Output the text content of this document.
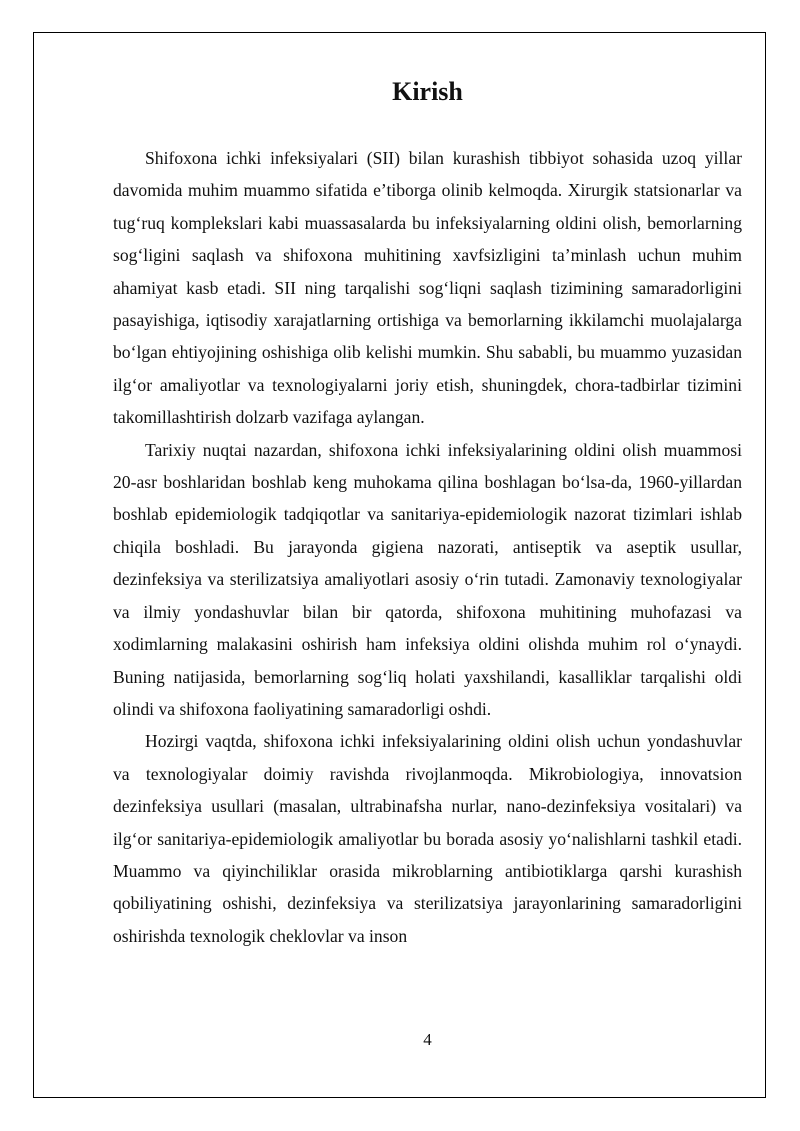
Kirish

Shifoxona ichki infeksiyalari (SII) bilan kurashish tibbiyot sohasida uzoq yillar davomida muhim muammo sifatida e’tiborga olinib kelmoqda. Xirurgik statsionarlar va tug‘ruq komplekslari kabi muassasalarda bu infeksiyalarning oldini olish, bemorlarning sog‘ligini saqlash va shifoxona muhitining xavfsizligini ta’minlash uchun muhim ahamiyat kasb etadi. SII ning tarqalishi sog‘liqni saqlash tizimining samaradorligini pasayishiga, iqtisodiy xarajatlarning ortishiga va bemorlarning ikkilamchi muolajalarga bo‘lgan ehtiyojining oshishiga olib kelishi mumkin. Shu sababli, bu muammo yuzasidan ilg‘or amaliyotlar va texnologiyalarni joriy etish, shuningdek, chora-tadbirlar tizimini takomillashtirish dolzarb vazifaga aylangan.

Tarixiy nuqtai nazardan, shifoxona ichki infeksiyalarining oldini olish muammosi 20-asr boshlaridan boshlab keng muhokama qilina boshlagan bo‘lsa-da, 1960-yillardan boshlab epidemiologik tadqiqotlar va sanitariya-epidemiologik nazorat tizimlari ishlab chiqila boshladi. Bu jarayonda gigiena nazorati, antiseptik va aseptik usullar, dezinfeksiya va sterilizatsiya amaliyotlari asosiy o‘rin tutadi. Zamonaviy texnologiyalar va ilmiy yondashuvlar bilan bir qatorda, shifoxona muhitining muhofazasi va xodimlarning malakasini oshirish ham infeksiya oldini olishda muhim rol o‘ynaydi. Buning natijasida, bemorlarning sog‘liq holati yaxshilandi, kasalliklar tarqalishi oldi olindi va shifoxona faoliyatining samaradorligi oshdi.

Hozirgi vaqtda, shifoxona ichki infeksiyalarining oldini olish uchun yondashuvlar va texnologiyalar doimiy ravishda rivojlanmoqda. Mikrobiologiya, innovatsion dezinfeksiya usullari (masalan, ultrabinafsha nurlar, nano-dezinfeksiya vositalari) va ilg‘or sanitariya-epidemiologik amaliyotlar bu borada asosiy yo‘nalishlarni tashkil etadi. Muammo va qiyinchiliklar orasida mikroblarning antibiotiklarga qarshi kurashish qobiliyatining oshishi, dezinfeksiya va sterilizatsiya jarayonlarining samaradorligini oshirishda texnologik cheklovlar va inson

4
